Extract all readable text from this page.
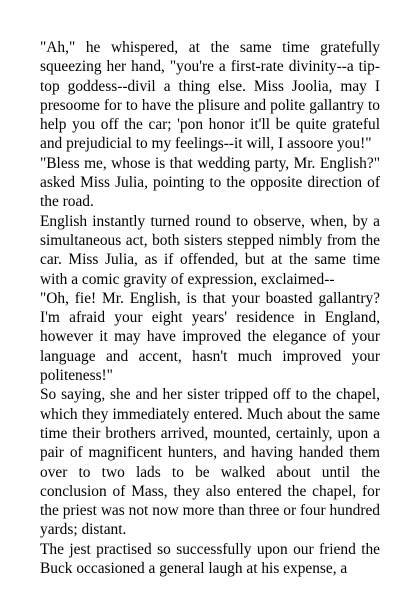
"Ah," he whispered, at the same time gratefully squeezing her hand, "you're a first-rate divinity--a tip-top goddess--divil a thing else. Miss Joolia, may I presoome for to have the plisure and polite gallantry to help you off the car; 'pon honor it'll be quite grateful and prejudicial to my feelings--it will, I assoore you!"

"Bless me, whose is that wedding party, Mr. English?" asked Miss Julia, pointing to the opposite direction of the road.

English instantly turned round to observe, when, by a simultaneous act, both sisters stepped nimbly from the car. Miss Julia, as if offended, but at the same time with a comic gravity of expression, exclaimed--

"Oh, fie! Mr. English, is that your boasted gallantry? I'm afraid your eight years' residence in England, however it may have improved the elegance of your language and accent, hasn't much improved your politeness!"

So saying, she and her sister tripped off to the chapel, which they immediately entered. Much about the same time their brothers arrived, mounted, certainly, upon a pair of magnificent hunters, and having handed them over to two lads to be walked about until the conclusion of Mass, they also entered the chapel, for the priest was not now more than three or four hundred yards; distant.

The jest practised so successfully upon our friend the Buck occasioned a general laugh at his expense, a
